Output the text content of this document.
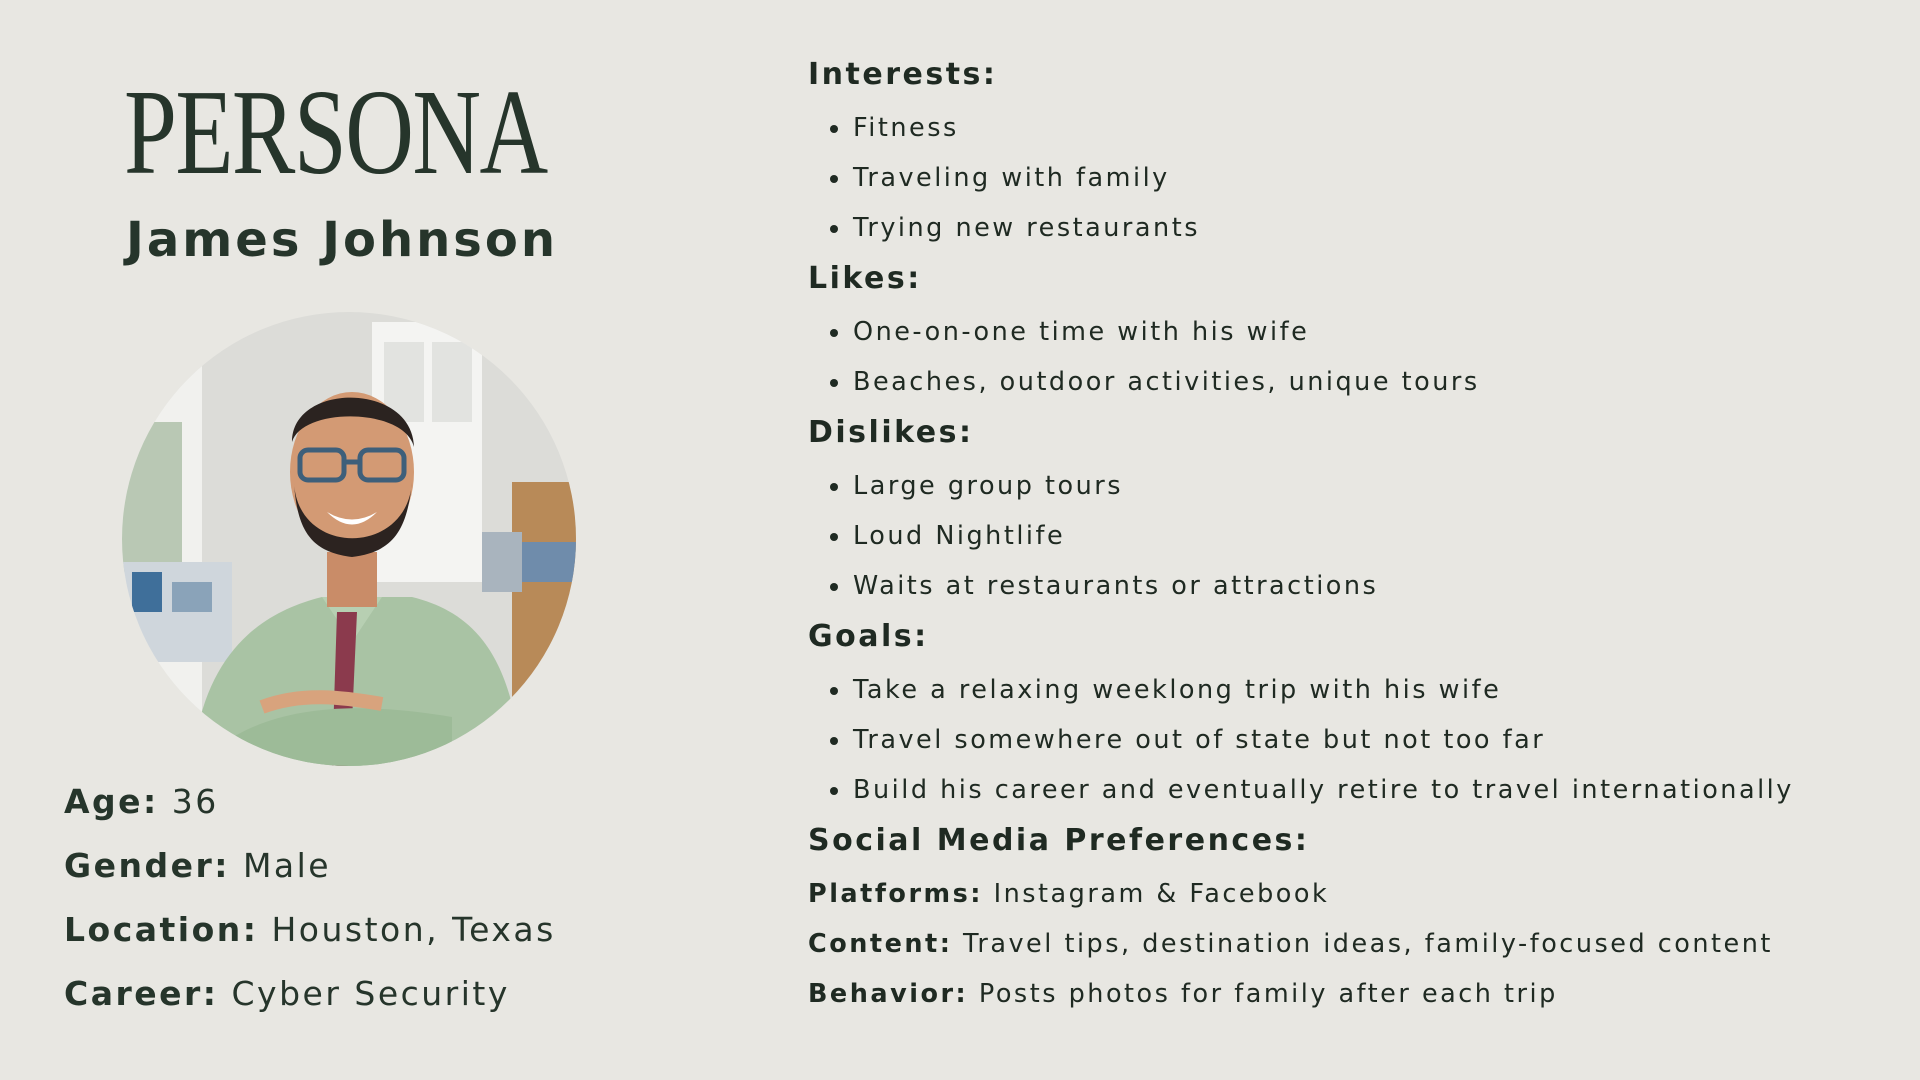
PERSONA
James Johnson
Age: 36
Gender: Male
Location: Houston, Texas
Career: Cyber Security
Interests:
Fitness
Traveling with family
Trying new restaurants
Likes:
One-on-one time with his wife
Beaches, outdoor activities, unique tours
Dislikes:
Large group tours
Loud Nightlife
Waits at restaurants or attractions
Goals:
Take a relaxing weeklong trip with his wife
Travel somewhere out of state but not too far
Build his career and eventually retire to travel internationally
Social Media Preferences:
Platforms: Instagram & Facebook
Content: Travel tips, destination ideas, family-focused content
Behavior: Posts photos for family after each trip
